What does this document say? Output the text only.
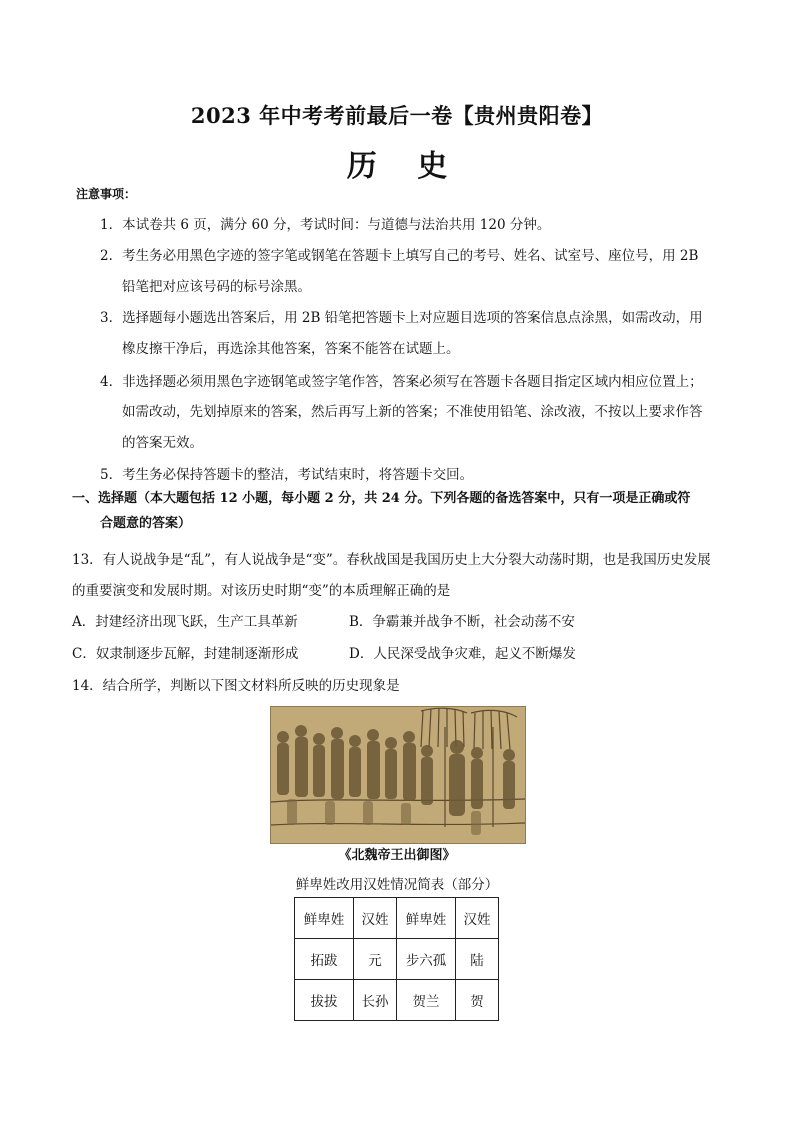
2023 年中考考前最后一卷【贵州贵阳卷】
历 史
注意事项：
1．本试卷共 6 页，满分 60 分，考试时间：与道德与法治共用 120 分钟。
2．考生务必用黑色字迹的签字笔或钢笔在答题卡上填写自己的考号、姓名、试室号、座位号，用 2B
铅笔把对应该号码的标号涂黑。
3．选择题每小题选出答案后，用 2B 铅笔把答题卡上对应题目选项的答案信息点涂黑，如需改动，用
橡皮擦干净后，再选涂其他答案，答案不能答在试题上。
4．非选择题必须用黑色字迹钢笔或签字笔作答，答案必须写在答题卡各题目指定区域内相应位置上；
如需改动，先划掉原来的答案，然后再写上新的答案；不准使用铅笔、涂改液，不按以上要求作答
的答案无效。
5．考生务必保持答题卡的整洁，考试结束时，将答题卡交回。
一、选择题（本大题包括 12 小题，每小题 2 分，共 24 分。下列各题的备选答案中，只有一项是正确或符
合题意的答案）
13．有人说战争是“乱”，有人说战争是“变”。春秋战国是我国历史上大分裂大动荡时期，也是我国历史发展
的重要演变和发展时期。对该历史时期“变”的本质理解正确的是
A．封建经济出现飞跃，生产工具革新	B．争霸兼并战争不断，社会动荡不安
C．奴隶制逐步瓦解，封建制逐渐形成	D．人民深受战争灾难，起义不断爆发
14．结合所学，判断以下图文材料所反映的历史现象是
《北魏帝王出御图》
鲜卑姓改用汉姓情况简表（部分）
鲜卑姓	汉姓	鲜卑姓	汉姓
拓跋	元	步六孤	陆
拔拔	长孙	贺兰	贺
